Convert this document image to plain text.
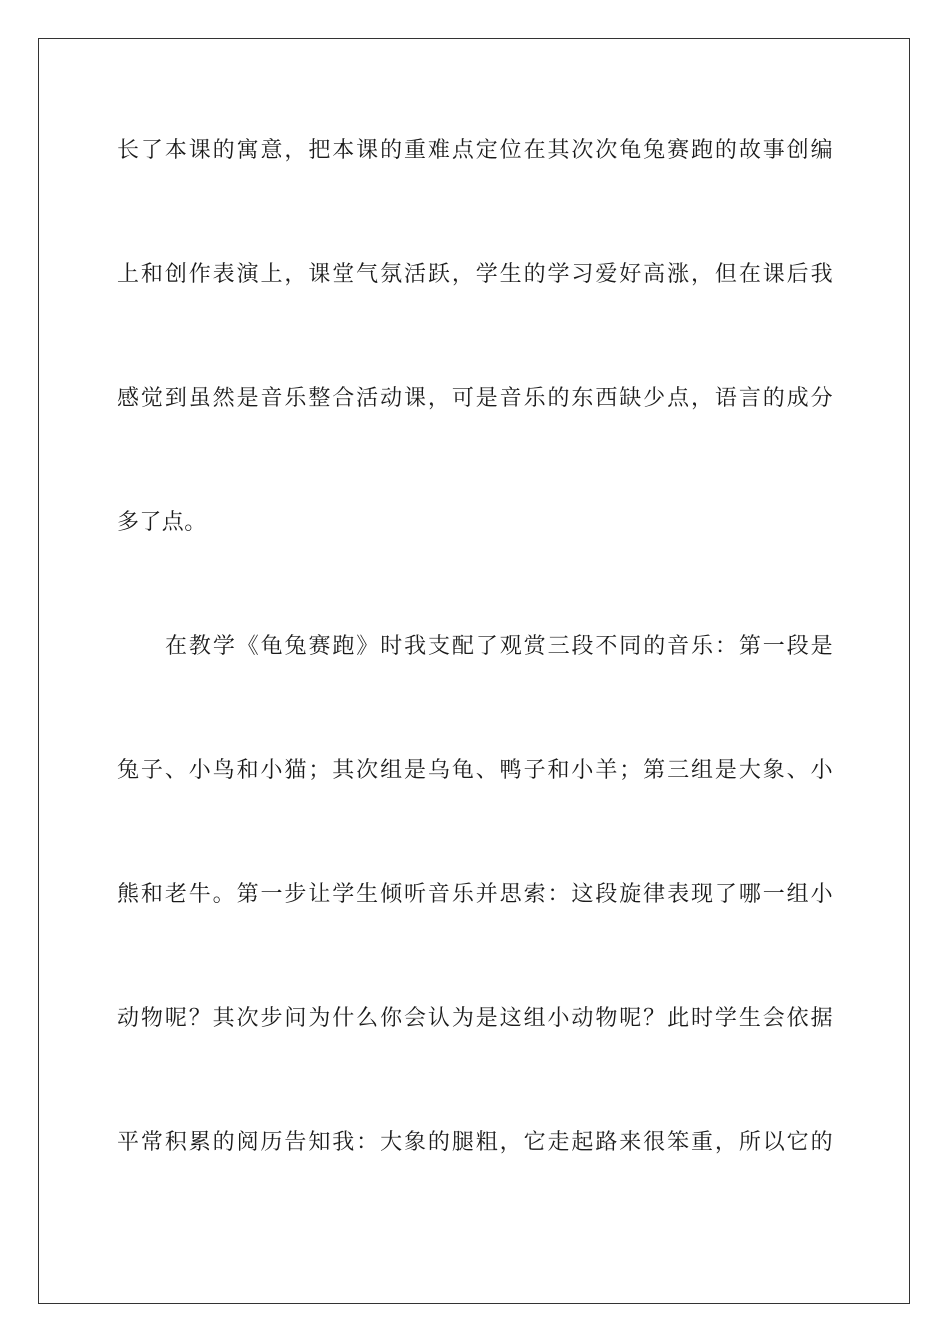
长了本课的寓意，把本课的重难点定位在其次次龟兔赛跑的故事创编
上和创作表演上，课堂气氛活跃，学生的学习爱好高涨，但在课后我
感觉到虽然是音乐整合活动课，可是音乐的东西缺少点，语言的成分
多了点。
在教学《龟兔赛跑》时我支配了观赏三段不同的音乐：第一段是
兔子、小鸟和小猫；其次组是乌龟、鸭子和小羊；第三组是大象、小
熊和老牛。第一步让学生倾听音乐并思索：这段旋律表现了哪一组小
动物呢？其次步问为什么你会认为是这组小动物呢？此时学生会依据
平常积累的阅历告知我：大象的腿粗，它走起路来很笨重，所以它的
